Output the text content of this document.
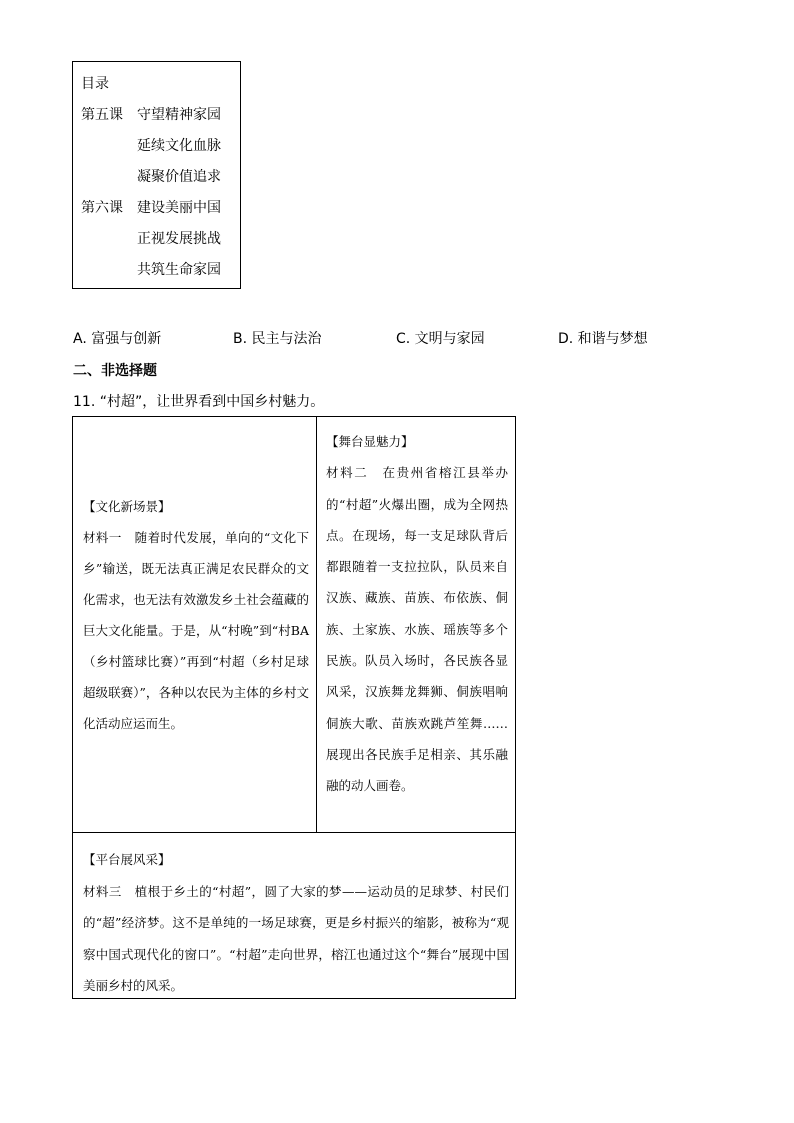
目录
第五课 守望精神家园
延续文化血脉
凝聚价值追求
第六课 建设美丽中国
正视发展挑战
共筑生命家园
A. 富强与创新	B. 民主与法治	C. 文明与家园	D. 和谐与梦想
二、非选择题
11. “村超”，让世界看到中国乡村魅力。
【文化新场景】
材料一　随着时代发展，单向的“文化下乡”输送，既无法真正满足农民群众的文化需求，也无法有效激发乡土社会蕴藏的巨大文化能量。于是，从“村晚”到“村BA（乡村篮球比赛）”再到“村超（乡村足球超级联赛）”，各种以农民为主体的乡村文化活动应运而生。
【舞台显魅力】
材料二　在贵州省榕江县举办的“村超”火爆出圈，成为全网热点。在现场，每一支足球队背后都跟随着一支拉拉队，队员来自汉族、藏族、苗族、布依族、侗族、土家族、水族、瑶族等多个民族。队员入场时，各民族各显风采，汉族舞龙舞狮、侗族唱响侗族大歌、苗族欢跳芦笙舞……展现出各民族手足相亲、其乐融融的动人画卷。
【平台展风采】
材料三　植根于乡土的“村超”，圆了大家的梦——运动员的足球梦、村民们的“超”经济梦。这不是单纯的一场足球赛，更是乡村振兴的缩影，被称为“观察中国式现代化的窗口”。“村超”走向世界，榕江也通过这个“舞台”展现中国美丽乡村的风采。
